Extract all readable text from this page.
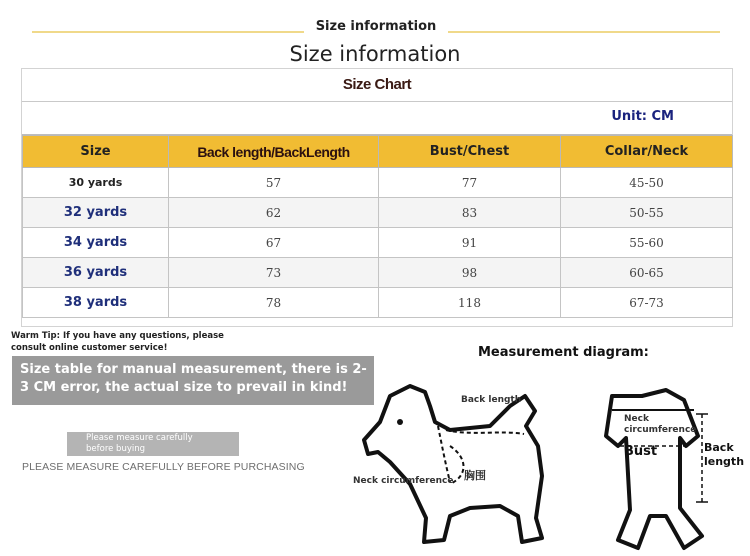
Size information
Size information
Size Chart
Unit: CM
Size	Back length/BackLength	Bust/Chest	Collar/Neck
30 yards	57	77	45-50
32 yards	62	83	50-55
34 yards	67	91	55-60
36 yards	73	98	60-65
38 yards	78	118	67-73
Warm Tip: If you have any questions, please consult online customer service!
Size table for manual measurement, there is 2-3 CM error, the actual size to prevail in kind!
Please measure carefully before buying
PLEASE MEASURE CAREFULLY BEFORE PURCHASING
Measurement diagram:
Back length
Neck circumference 胸围
Neck circumference
Bust	Back length
